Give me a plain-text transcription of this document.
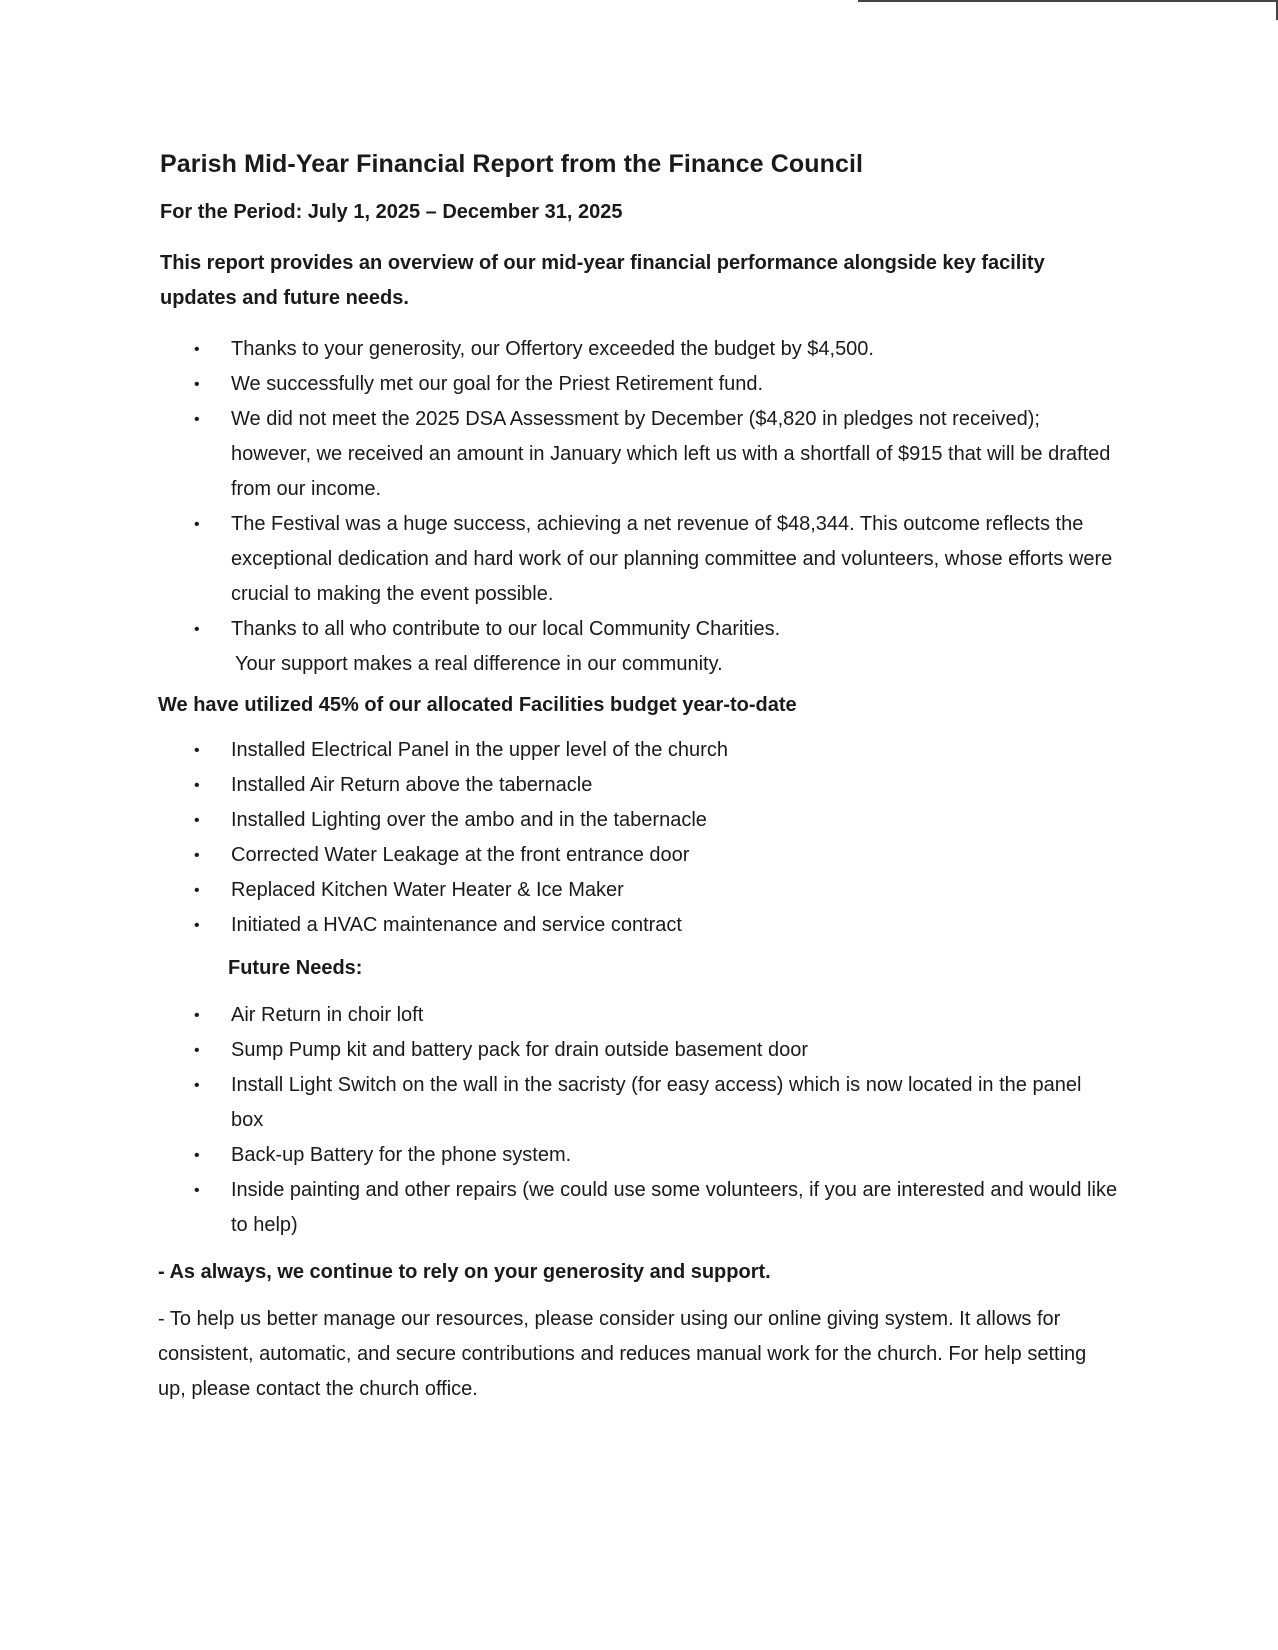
Parish Mid-Year Financial Report from the Finance Council
For the Period: July 1, 2025 – December 31, 2025
This report provides an overview of our mid-year financial performance alongside key facility updates and future needs.
• Thanks to your generosity, our Offertory exceeded the budget by $4,500.
• We successfully met our goal for the Priest Retirement fund.
• We did not meet the 2025 DSA Assessment by December ($4,820 in pledges not received); however, we received an amount in January which left us with a shortfall of $915 that will be drafted from our income.
• The Festival was a huge success, achieving a net revenue of $48,344. This outcome reflects the exceptional dedication and hard work of our planning committee and volunteers, whose efforts were crucial to making the event possible.
• Thanks to all who contribute to our local Community Charities.
Your support makes a real difference in our community.
We have utilized 45% of our allocated Facilities budget year-to-date
• Installed Electrical Panel in the upper level of the church
• Installed Air Return above the tabernacle
• Installed Lighting over the ambo and in the tabernacle
• Corrected Water Leakage at the front entrance door
• Replaced Kitchen Water Heater & Ice Maker
• Initiated a HVAC maintenance and service contract
Future Needs:
• Air Return in choir loft
• Sump Pump kit and battery pack for drain outside basement door
• Install Light Switch on the wall in the sacristy (for easy access) which is now located in the panel box
• Back-up Battery for the phone system.
• Inside painting and other repairs (we could use some volunteers, if you are interested and would like to help)
- As always, we continue to rely on your generosity and support.

- To help us better manage our resources, please consider using our online giving system. It allows for consistent, automatic, and secure contributions and reduces manual work for the church. For help setting up, please contact the church office.
